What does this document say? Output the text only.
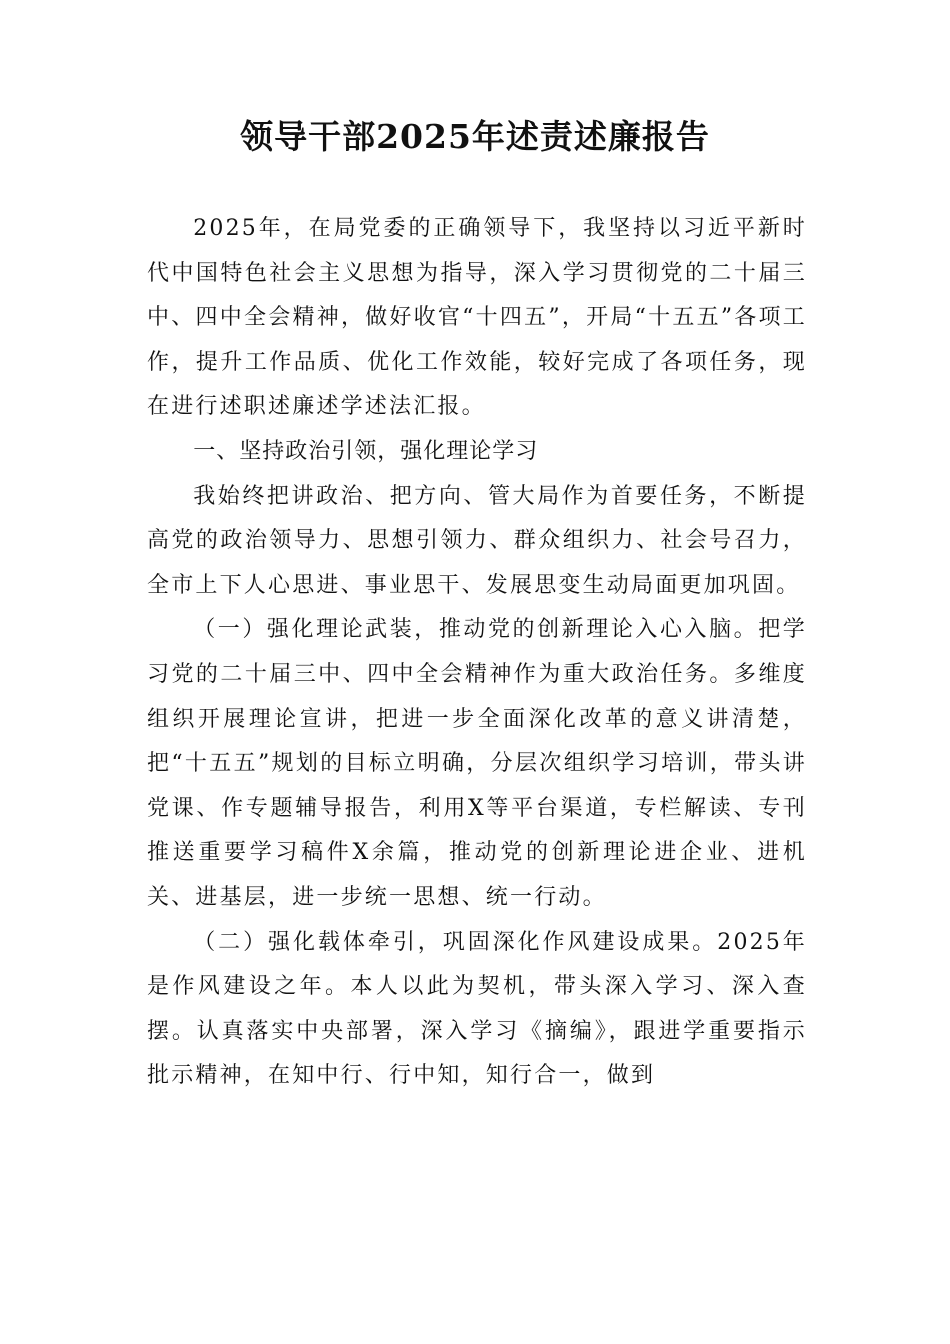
领导干部2025年述责述廉报告

2025年，在局党委的正确领导下，我坚持以习近平新时代中国特色社会主义思想为指导，深入学习贯彻党的二十届三中、四中全会精神，做好收官“十四五”，开局“十五五”各项工作，提升工作品质、优化工作效能，较好完成了各项任务，现在进行述职述廉述学述法汇报。

一、坚持政治引领，强化理论学习

我始终把讲政治、把方向、管大局作为首要任务，不断提高党的政治领导力、思想引领力、群众组织力、社会号召力，全市上下人心思进、事业思干、发展思变生动局面更加巩固。

（一）强化理论武装，推动党的创新理论入心入脑。把学习党的二十届三中、四中全会精神作为重大政治任务。多维度组织开展理论宣讲，把进一步全面深化改革的意义讲清楚，把“十五五”规划的目标立明确，分层次组织学习培训，带头讲党课、作专题辅导报告，利用X等平台渠道，专栏解读、专刊推送重要学习稿件X余篇，推动党的创新理论进企业、进机关、进基层，进一步统一思想、统一行动。

（二）强化载体牵引，巩固深化作风建设成果。2025年是作风建设之年。本人以此为契机，带头深入学习、深入查摆。认真落实中央部署，深入学习《摘编》，跟进学重要指示批示精神，在知中行、行中知，知行合一，做到
